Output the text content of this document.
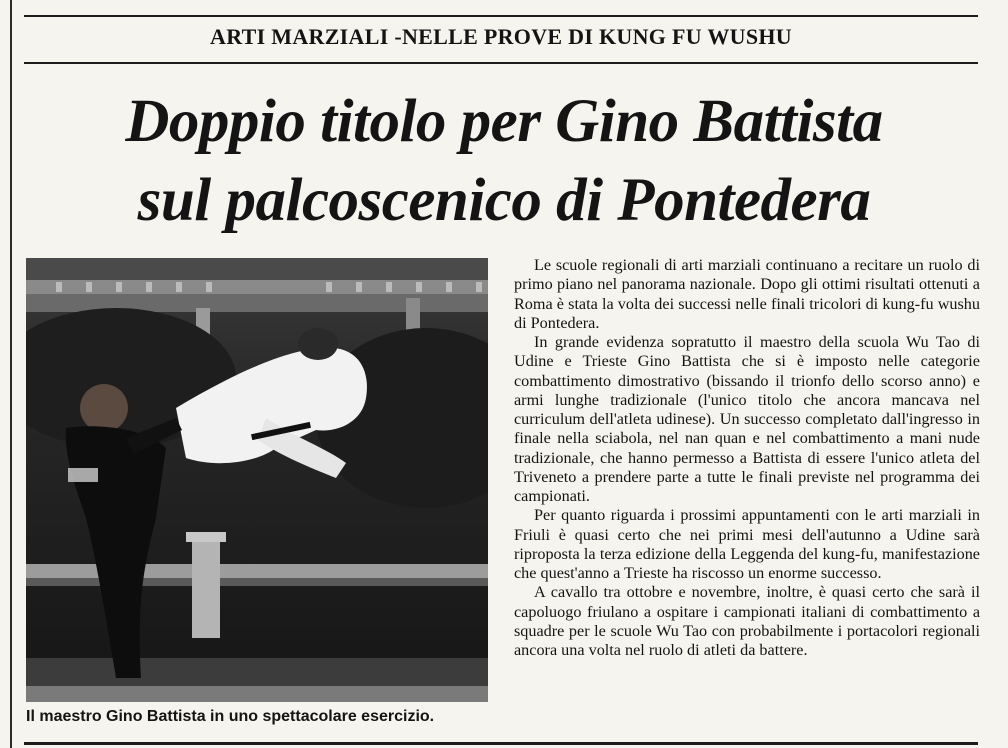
ARTI MARZIALI -NELLE PROVE DI KUNG FU WUSHU
Doppio titolo per Gino Battista
sul palcoscenico di Pontedera
Il maestro Gino Battista in uno spettacolare esercizio.

Le scuole regionali di arti marziali continuano a recitare un ruolo di primo piano nel panorama nazionale. Dopo gli ottimi risultati ottenuti a Roma è stata la volta dei successi nelle finali tricolori di kung-fu wushu di Pontedera.

In grande evidenza sopratutto il maestro della scuola Wu Tao di Udine e Trieste Gino Battista che si è imposto nelle categorie combattimento dimostrativo (bissando il trionfo dello scorso anno) e armi lunghe tradizionale (l'unico titolo che ancora mancava nel curriculum dell'atleta udinese). Un successo completato dall'ingresso in finale nella sciabola, nel nan quan e nel combattimento a mani nude tradizionale, che hanno permesso a Battista di essere l'unico atleta del Triveneto a prendere parte a tutte le finali previste nel programma dei campionati.

Per quanto riguarda i prossimi appuntamenti con le arti marziali in Friuli è quasi certo che nei primi mesi dell'autunno a Udine sarà riproposta la terza edizione della Leggenda del kung-fu, manifestazione che quest'anno a Trieste ha riscosso un enorme successo.

A cavallo tra ottobre e novembre, inoltre, è quasi certo che sarà il capoluogo friulano a ospitare i campionati italiani di combattimento a squadre per le scuole Wu Tao con probabilmente i portacolori regionali ancora una volta nel ruolo di atleti da battere.
